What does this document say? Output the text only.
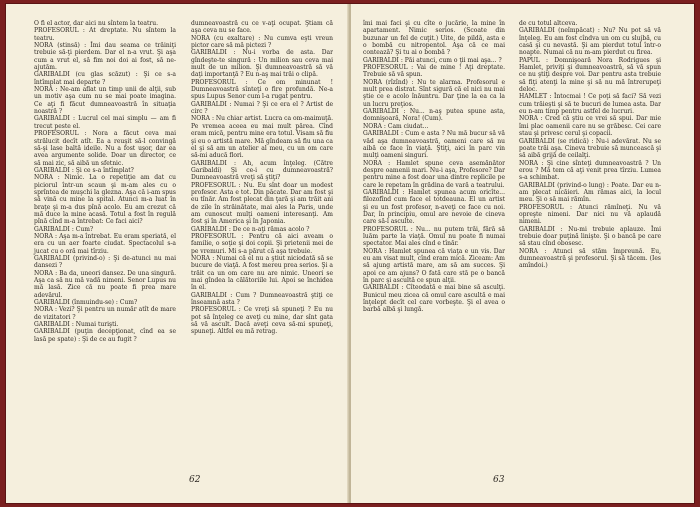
O fi el actor, dar aici nu sîntem la teatru.

PROFESORUL : At dreptate. Nu sîntem la teatru.

NORA (stinsă) : Îmi dau seama ce trăiniţi trebuie să-ţi pierdem. Dar el n-a vrut. Şi aşa cum a vrut el, să fim noi doi ai fost, să ne-ajutăm.

GARIBALDI (cu glas scăzut) : Şi ce s-a întîmplat mai departe ?

NORA : Ne-am aflat un timp unii de alţii, sub un motiv aşa cum nu se mai poate imagina. Ce aţi fi făcut dumneavoastră în situaţia noastră ?

GARIBALDI : Lucrul cel mai simplu — am fi trecut peste el.

PROFESORUL : Nora a făcut ceva mai strălucit decît atît. Ea a reuşit să-l convingă să-şi lase baltă ideile. Nu a fost uşor, dar ea avea argumente solide. Doar un director, ce să mai zic, să aibă un sfetnic.

GARIBALDI : Şi ce s-a întîmplat?

NORA : Nimic. La o repetiţie am dat cu piciorul într-un scaun şi m-am ales cu o sprîntea de muşchi la glezna. Aşa că i-am spus să vină cu mine la spital. Atunci m-a luat în braţe şi m-a dus pînă acolo. Eu am crezut că mă duce la mine acasă. Totul a fost în regulă pînă cînd m-a întrebat: Ce faci aici?

GARIBALDI : Cum?

NORA : Aşa m-a întrebat. Eu eram speriată, el era cu un aer foarte ciudat. Spectacolul s-a jucat cu o oră mai tîrziu.

GARIBALDI (privind-o) : Şi de-atunci nu mai dansezi ?

NORA : Ba da, uneori dansez. De una singură. Aşa ca să nu mă vadă nimeni. Senor Lupus nu mă lasă. Zice că nu poate fi prea mare adevărul.

GARIBALDI (înmuindu-se) : Cum?

NORA : Vezi? Şi pentru un număr atît de mare de vizitatori ?

GARIBALDI : Numai turişti.

GARIBALDI (puţin decepţionat, cînd ea se lasă pe spate) : Şi de ce au fugit ?

dumneavoastră cu ce v-aţi ocupat. Ştiam că aşa ceva nu se face.

NORA (cu exaltare) : Nu cumva eşti vreun pictor care să mă pictezi ?

GARIBALDI : Nu-i vorba de asta. Dar gîndeşte-te singură : Un milion sau ceva mai mult de un milion. Şi dumneavoastră să vă daţi importanţă ? Eu n-aş mai trăi o clipă.

PROFESORUL : Ce om minunat ! Dumneavoastră sînteţi o fire profundă. Ne-a spus Lupus Senor cum l-a rugat pentru.

GARIBALDI : Numai ? Şi ce era el ? Artist de circ ?

NORA : Nu chiar artist. Lucra ca om-maimuţă. Pe vremea aceea eu mai mult părea. Cînd eram mică, pentru mine era totul. Visam să fiu şi eu o artistă mare. Mă gîndeam să fiu una ca el şi să am un atelier al meu, cu un om care să-mi aducă flori.

GARIBALDI : Ah, acum înţeleg. (Către Garibaldi) Şi ce-i cu dumneavoastră? Dumneavoastră vreţi să ştiţi?

PROFESORUL : Nu. Eu sînt doar un modest profesor. Asta e tot. Din păcate. Dar am fost şi eu tînăr. Am fost plecat din ţară şi am trăit ani de zile în străinătate, mai ales la Paris, unde am cunoscut mulţi oameni interesanţi. Am fost şi în America şi în Japonia.

GARIBALDI : De ce n-aţi rămas acolo ?

PROFESORUL : Pentru că aici aveam o familie, o soţie şi doi copii. Şi prietenii mei de pe vremuri. Mi s-a părut că aşa trebuie.

NORA : Numai că el nu a ştiut niciodată să se bucure de viaţă. A fost mereu prea serios. Şi a trăit ca un om care nu are nimic. Uneori se mai gîndea la călătoriile lui. Apoi se închidea în el.

GARIBALDI : Cum ? Dumneavoastră ştiţi ce înseamnă asta ?

PROFESORUL : Ce vreţi să spuneţi ? Eu nu pot să înţeleg ce aveţi cu mine, dar sînt gata să vă ascult. Dacă aveţi ceva să-mi spuneţi, spuneţi. Altfel eu mă retrag.

62

îmi mai faci şi cu cîte o jucărie, la mine în apartament. Nimic serios. (Scoate din buzunar un fel de cuţit.) Uite, de pildă, asta e o bombă cu nitropentol. Aşa că ce mai contează? Şi tu ai o bombă ?

GARIBALDI : Păi atunci, cum o ţii mai aşa... ?

PROFESORUL : Vai de mine ! Aţi dreptate. Trebuie să vă spun.

NORA (rîzînd) : Nu te alarma. Profesorul e mult prea distrat. Sînt sigură că el nici nu mai ştie ce e acolo înăuntru. Dar ţine la ea ca la un lucru preţios.

GARIBALDI : Nu... n-aş putea spune asta, domnişoară, Nora! (Cum).

NORA : Cam ciudat...

GARIBALDI : Cum e asta ? Nu mă bucur să vă văd aşa dumneavoastră, oameni care să nu aibă ce face în viaţă. Ştiţi, aici în parc vin mulţi oameni singuri.

NORA : Hamlet spune ceva asemănător despre oamenii mari. Nu-i aşa, Profesore? Dar pentru mine a fost doar una dintre replicile pe care le repetam în grădina de vară a teatrului.

GARIBALDI : Hamlet spunea acum oricîte... filozofînd cum face el totdeauna. El un artist şi eu un fost profesor, n-aveţi ce face cu noi. Dar, în principiu, omul are nevoie de cineva care să-l asculte.

PROFESORUL : Nu... nu putem trăi, fără să luăm parte la viaţă. Omul nu poate fi numai spectator. Mai ales cînd e tînăr.

NORA : Hamlet spunea că viaţa e un vis. Dar eu am visat mult, cînd eram mică. Ziceam: Am să ajung artistă mare, am să am succes. Şi apoi ce am ajuns? O fată care stă pe o bancă în parc şi ascultă ce spun alţii.

GARIBALDI : Cîteodată e mai bine să asculţi. Bunicul meu zicea că omul care ascultă e mai înţelept decît cel care vorbeşte. Şi el avea o barbă albă şi lungă.

de cu totul altceva.

GARIBALDI (neîmpăcat) : Nu? Nu pot să vă înţeleg. Eu am fost cîndva un om cu slujbă, cu casă şi cu nevastă. Şi am pierdut totul într-o noapte. Numai că nu m-am pierdut cu firea.

PAPUL : Domnişoară Nora Rodrigues şi Hamlet, priviţi şi dumneavoastră, să vă spun ce nu ştiţi despre voi. Dar pentru asta trebuie să fiţi atenţi la mine şi să nu mă întrerupeţi deloc.

HAMLET : Întocmai ! Ce poţi să faci? Să vezi cum trăieşti şi să te bucuri de lumea asta. Dar eu n-am timp pentru astfel de lucruri.

NORA : Cred că ştiu ce vrei să spui. Dar mie îmi plac oamenii care nu se grăbesc. Cei care stau şi privesc cerul şi copacii.

GARIBALDI (se ridică) : Nu-i adevărat. Nu se poate trăi aşa. Cineva trebuie să muncească şi să aibă grijă de ceilalţi.

NORA : Şi cine sînteţi dumneavoastră ? Un erou ? Mă tem că aţi venit prea tîrziu. Lumea s-a schimbat.

GARIBALDI (privind-o lung) : Poate. Dar eu n-am plecat nicăieri. Am rămas aici, la locul meu. Şi o să mai rămîn.

PROFESORUL : Atunci rămîneţi. Nu vă opreşte nimeni. Dar nici nu vă aplaudă nimeni.

GARIBALDI : Nu-mi trebuie aplauze. Îmi trebuie doar puţină linişte. Şi o bancă pe care să stau cînd obosesc.

NORA : Atunci să stăm împreună. Eu, dumneavoastră şi profesorul. Şi să tăcem. (Ies amîndoi.)

63
